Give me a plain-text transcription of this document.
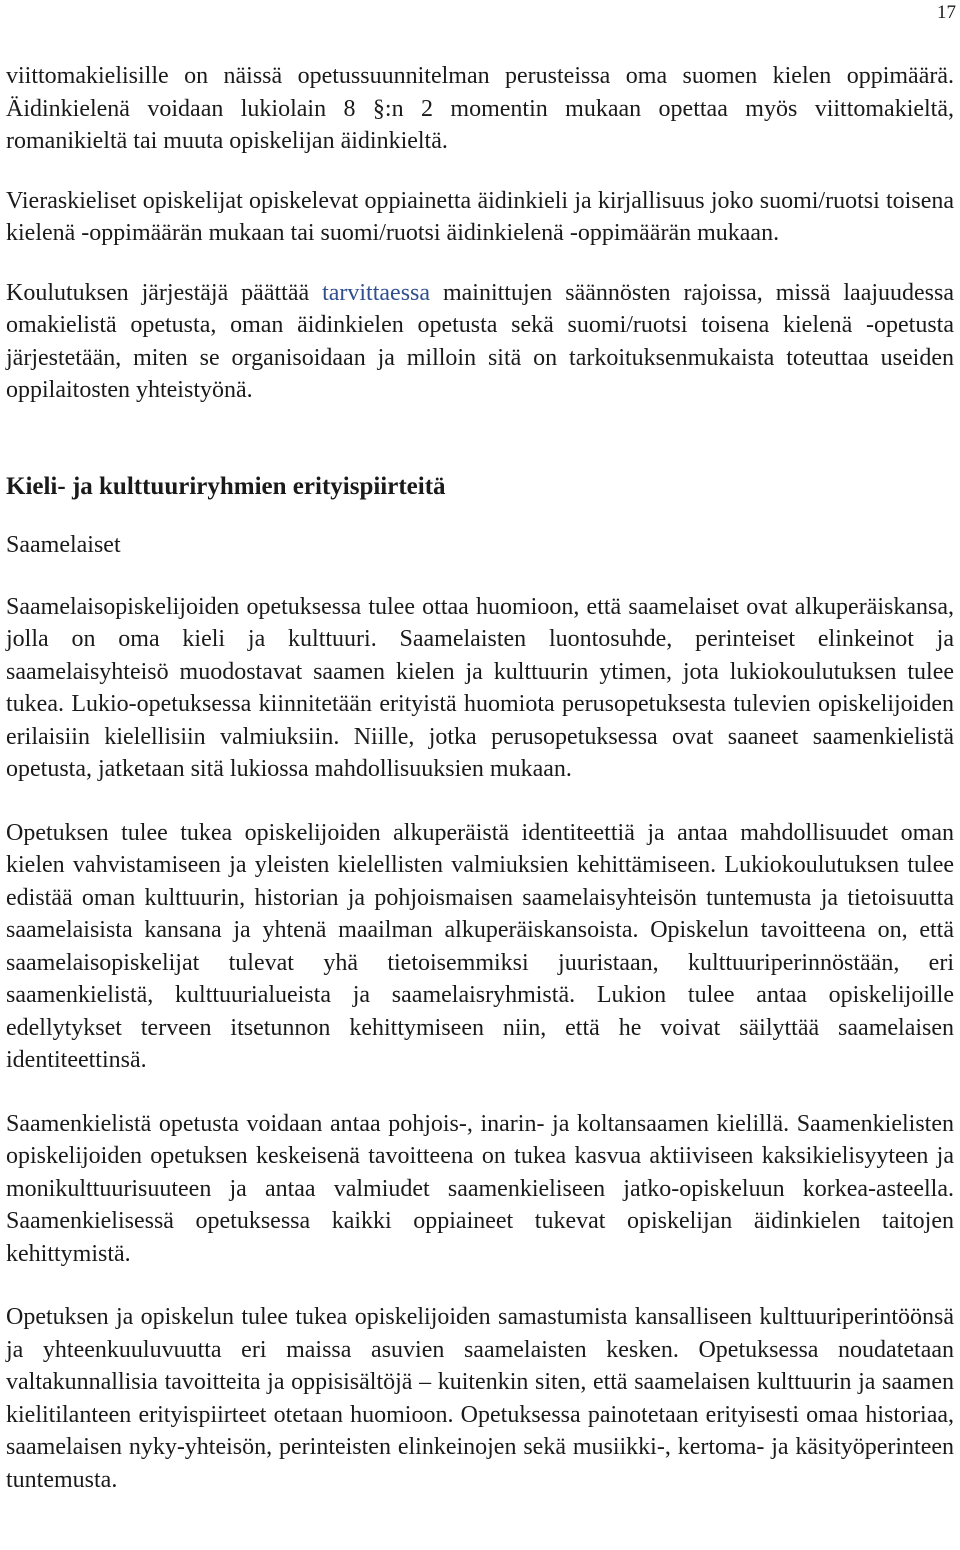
17

viittomakielisille on näissä opetussuunnitelman perusteissa oma suomen kielen oppimäärä. Äidinkielenä voidaan lukiolain 8 §:n 2 momentin mukaan opettaa myös viittomakieltä, romanikieltä tai muuta opiskelijan äidinkieltä.

Vieraskieliset opiskelijat opiskelevat oppiainetta äidinkieli ja kirjallisuus joko suomi/ruotsi toisena kielenä -oppimäärän mukaan tai suomi/ruotsi äidinkielenä -oppimäärän mukaan.

Koulutuksen järjestäjä päättää tarvittaessa mainittujen säännösten rajoissa, missä laajuudessa omakielistä opetusta, oman äidinkielen opetusta sekä suomi/ruotsi toisena kielenä -opetusta järjestetään, miten se organisoidaan ja milloin sitä on tarkoituksenmukaista toteuttaa useiden oppilaitosten yhteistyönä.

Kieli- ja kulttuuriryhmien erityispiirteitä
Saamelaiset

Saamelaisopiskelijoiden opetuksessa tulee ottaa huomioon, että saamelaiset ovat alkuperäiskansa, jolla on oma kieli ja kulttuuri. Saamelaisten luontosuhde, perinteiset elinkeinot ja saamelaisyhteisö muodostavat saamen kielen ja kulttuurin ytimen, jota lukiokoulutuksen tulee tukea. Lukio-opetuksessa kiinnitetään erityistä huomiota perusopetuksesta tulevien opiskelijoiden erilaisiin kielellisiin valmiuksiin. Niille, jotka perusopetuksessa ovat saaneet saamenkielistä opetusta, jatketaan sitä lukiossa mahdollisuuksien mukaan.

Opetuksen tulee tukea opiskelijoiden alkuperäistä identiteettiä ja antaa mahdollisuudet oman kielen vahvistamiseen ja yleisten kielellisten valmiuksien kehittämiseen. Lukiokoulutuksen tulee edistää oman kulttuurin, historian ja pohjoismaisen saamelaisyhteisön tuntemusta ja tietoisuutta saamelaisista kansana ja yhtenä maailman alkuperäiskansoista. Opiskelun tavoitteena on, että saamelaisopiskelijat tulevat yhä tietoisemmiksi juuristaan, kulttuuriperinnöstään, eri saamenkielistä, kulttuurialueista ja saamelaisryhmistä. Lukion tulee antaa opiskelijoille edellytykset terveen itsetunnon kehittymiseen niin, että he voivat säilyttää saamelaisen identiteettinsä.

Saamenkielistä opetusta voidaan antaa pohjois-, inarin- ja koltansaamen kielillä. Saamenkielisten opiskelijoiden opetuksen keskeisenä tavoitteena on tukea kasvua aktiiviseen kaksikielisyyteen ja monikulttuurisuuteen ja antaa valmiudet saamenkieliseen jatko-opiskeluun korkea-asteella. Saamenkielisessä opetuksessa kaikki oppiaineet tukevat opiskelijan äidinkielen taitojen kehittymistä.

Opetuksen ja opiskelun tulee tukea opiskelijoiden samastumista kansalliseen kulttuuriperintöönsä ja yhteenkuuluvuutta eri maissa asuvien saamelaisten kesken. Opetuksessa noudatetaan valtakunnallisia tavoitteita ja oppisisältöjä – kuitenkin siten, että saamelaisen kulttuurin ja saamen kielitilanteen erityispiirteet otetaan huomioon. Opetuksessa painotetaan erityisesti omaa historiaa, saamelaisen nyky-yhteisön, perinteisten elinkeinojen sekä musiikki-, kertoma- ja käsityöperinteen tuntemusta.
